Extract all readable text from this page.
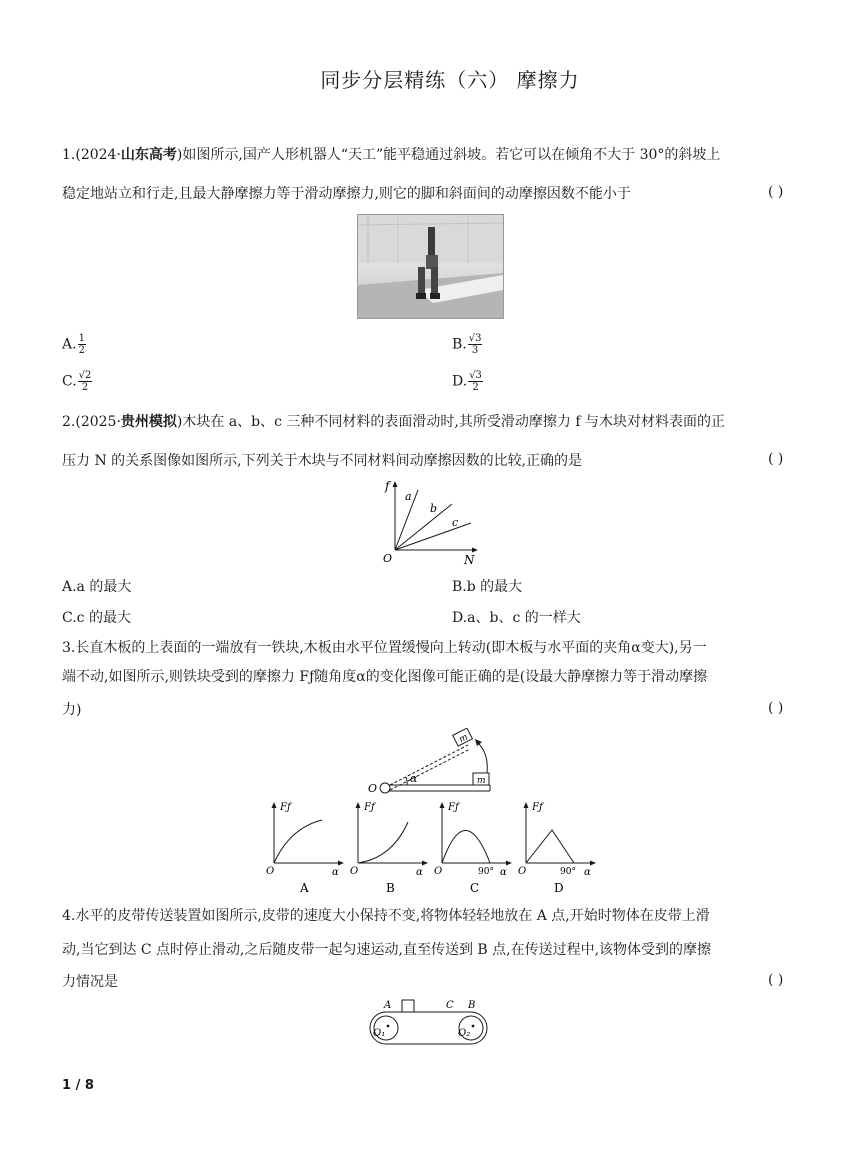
同步分层精练（六） 摩擦力
1.(2024·山东高考)如图所示,国产人形机器人“天工”能平稳通过斜坡。若它可以在倾角不大于 30°的斜坡上
稳定地站立和行走,且最大静摩擦力等于滑动摩擦力,则它的脚和斜面间的动摩擦因数不能小于	( )
A. $\frac{1}{2}$	B. $\frac{√3}{3}$
C. $\frac{√2}{2}$	D. $\frac{√3}{2}$
2.(2025·贵州模拟)木块在 a、b、c 三种不同材料的表面滑动时,其所受滑动摩擦力 f 与木块对材料表面的正
压力 N 的关系图像如图所示,下列关于木块与不同材料间动摩擦因数的比较,正确的是	( )
f
N
O
a
b
c
A.a 的最大	B.b 的最大
C.c 的最大	D.a、b、c 的一样大
3.长直木板的上表面的一端放有一铁块,木板由水平位置缓慢向上转动(即木板与水平面的夹角α变大),另一
端不动,如图所示,则铁块受到的摩擦力 Fƒ随角度α的变化图像可能正确的是(设最大静摩擦力等于滑动摩擦
力)	( )
O
α	m
m
Fƒ
O	α
A
Fƒ
O	α
B
Fƒ
O	90° α
C
Fƒ
O	90° α
D
4.水平的皮带传送装置如图所示,皮带的速度大小保持不变,将物体轻轻地放在 A 点,开始时物体在皮带上滑
动,当它到达 C 点时停止滑动,之后随皮带一起匀速运动,直至传送到 B 点,在传送过程中,该物体受到的摩擦
力情况是	( )
A	C B
O₁	O₂
1 / 8
